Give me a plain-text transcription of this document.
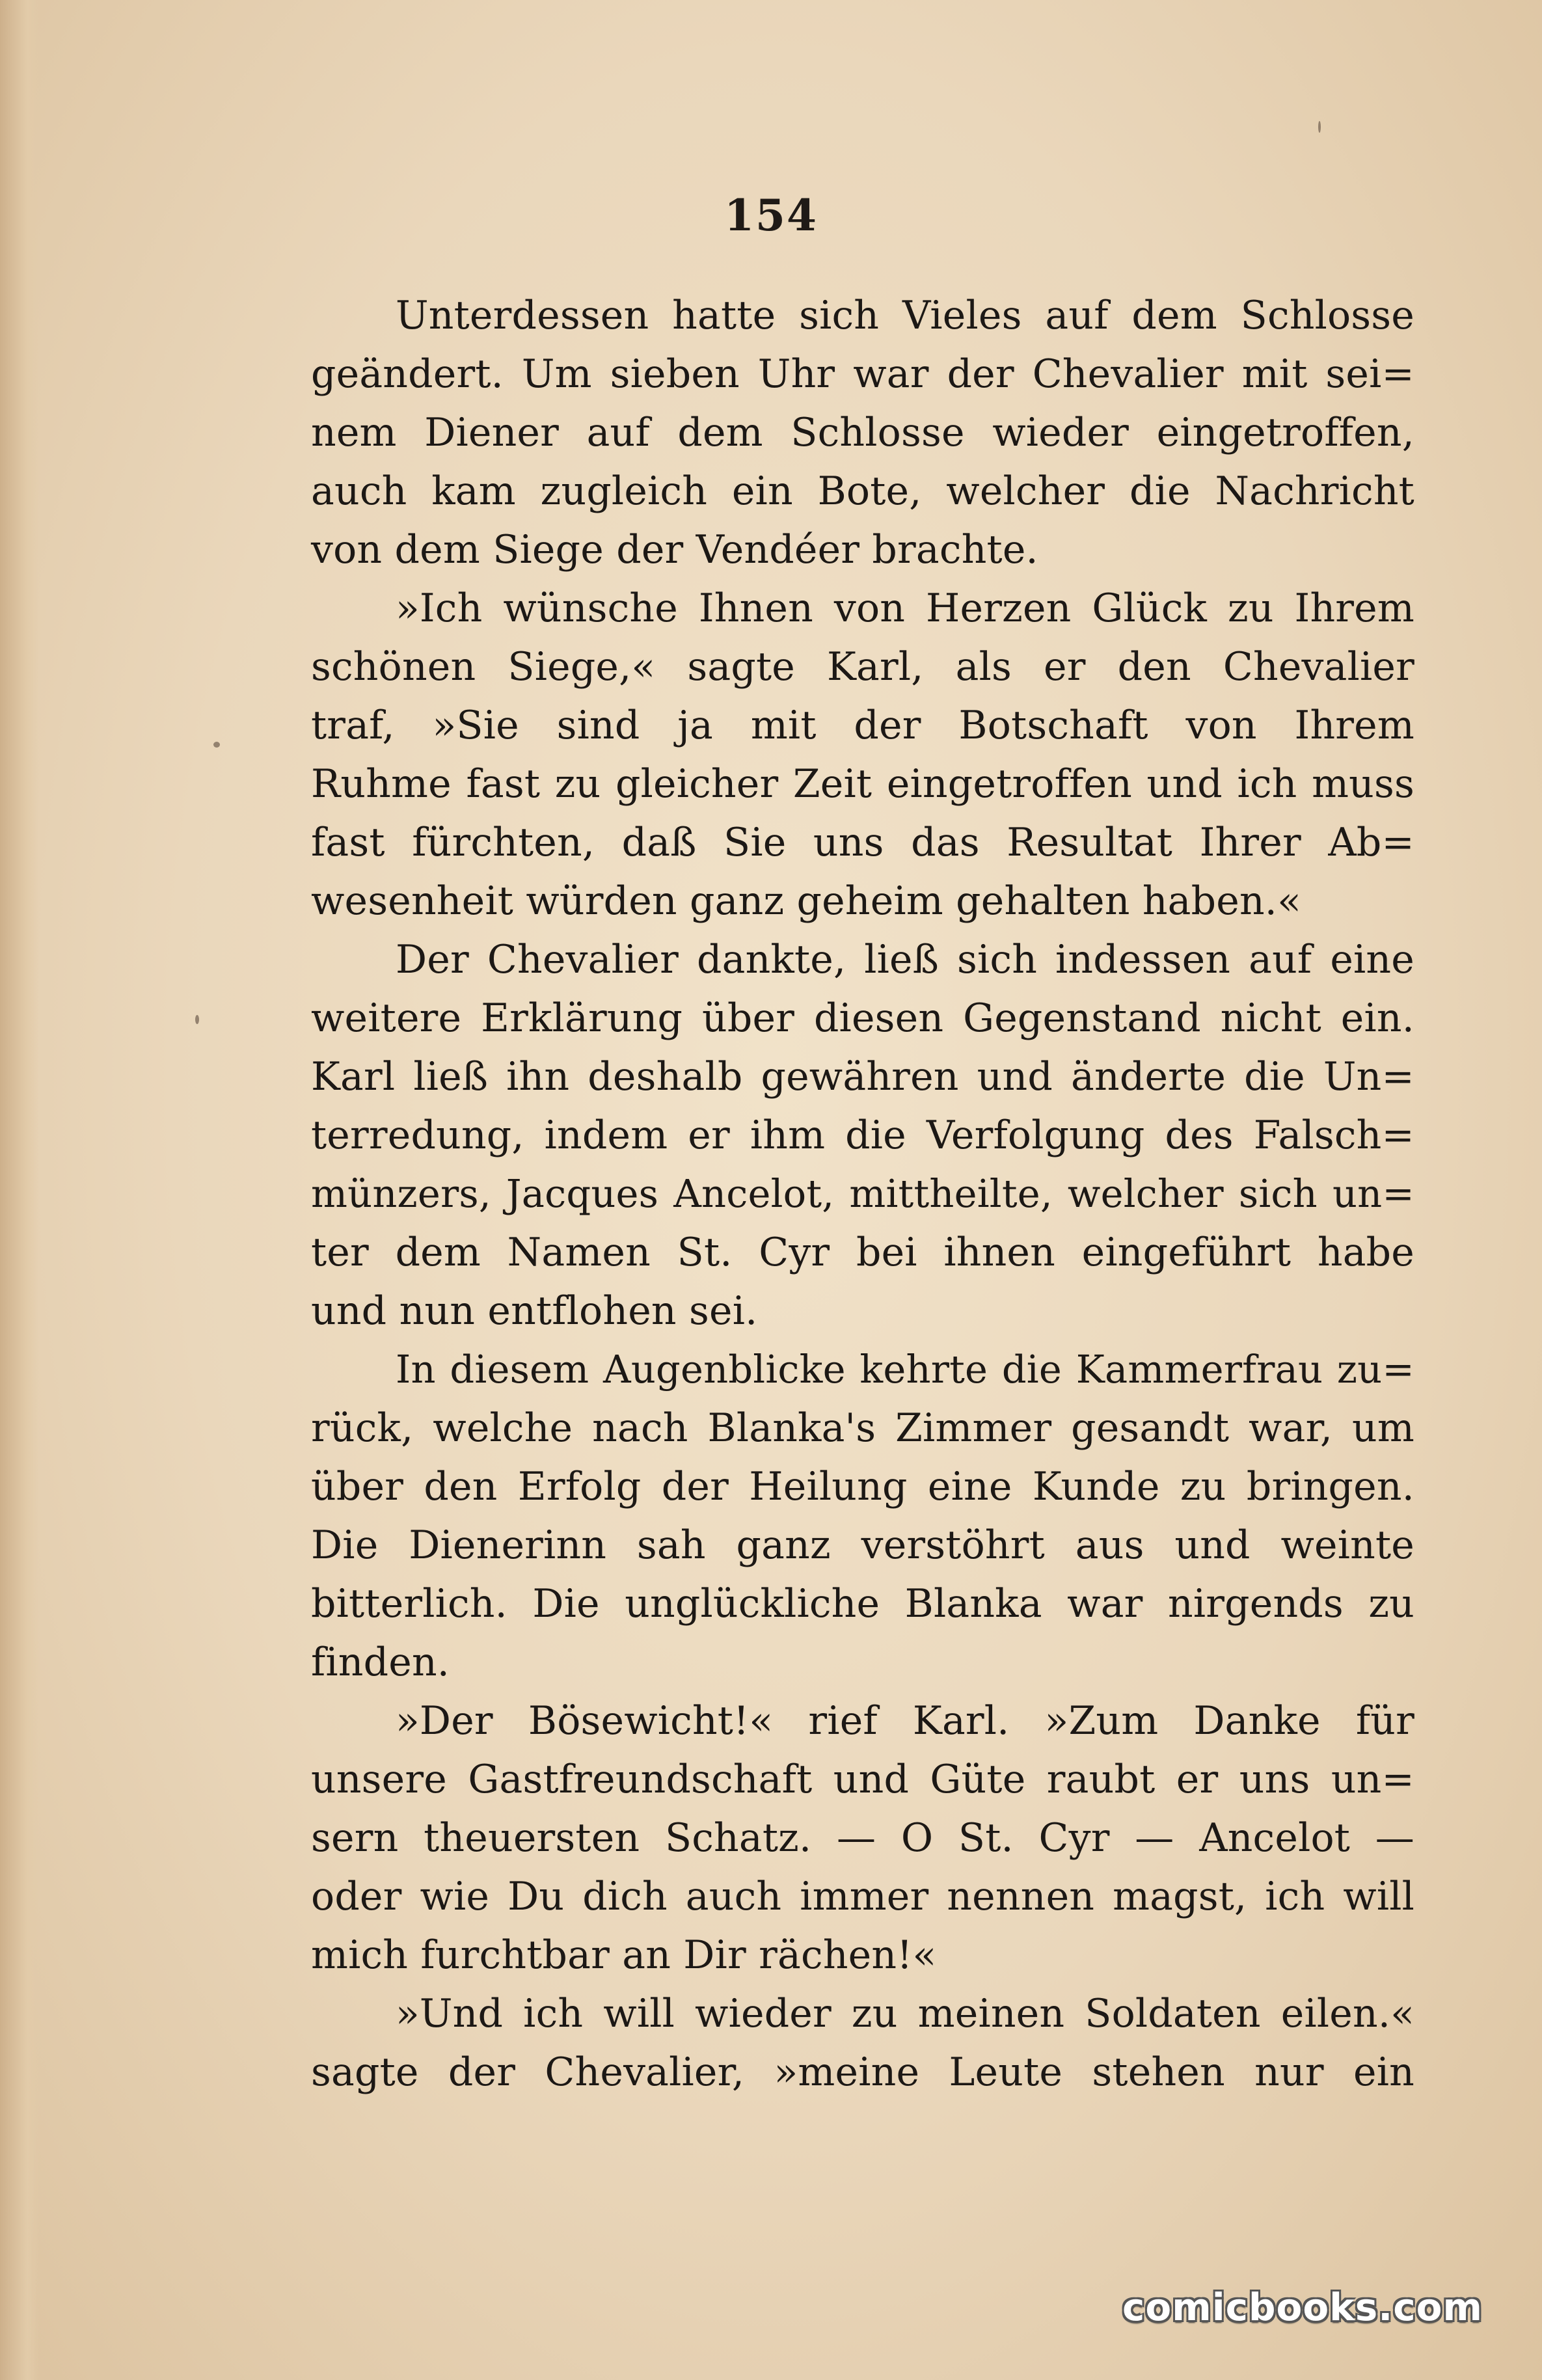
154
Unterdessen hatte sich Vieles auf dem Schlosse
geändert. Um sieben Uhr war der Chevalier mit sei=
nem Diener auf dem Schlosse wieder eingetroffen,
auch kam zugleich ein Bote, welcher die Nachricht
von dem Siege der Vendéer brachte.
»Ich wünsche Ihnen von Herzen Glück zu Ihrem
schönen Siege,« sagte Karl, als er den Chevalier
traf, »Sie sind ja mit der Botschaft von Ihrem
Ruhme fast zu gleicher Zeit eingetroffen und ich muss
fast fürchten, daß Sie uns das Resultat Ihrer Ab=
wesenheit würden ganz geheim gehalten haben.«
Der Chevalier dankte, ließ sich indessen auf eine
weitere Erklärung über diesen Gegenstand nicht ein.
Karl ließ ihn deshalb gewähren und änderte die Un=
terredung, indem er ihm die Verfolgung des Falsch=
münzers, Jacques Ancelot, mittheilte, welcher sich un=
ter dem Namen St. Cyr bei ihnen eingeführt habe
und nun entflohen sei.
In diesem Augenblicke kehrte die Kammerfrau zu=
rück, welche nach Blanka's Zimmer gesandt war, um
über den Erfolg der Heilung eine Kunde zu bringen.
Die Dienerinn sah ganz verstöhrt aus und weinte
bitterlich. Die unglückliche Blanka war nirgends zu
finden.
»Der Bösewicht!« rief Karl. »Zum Danke für
unsere Gastfreundschaft und Güte raubt er uns un=
sern theuersten Schatz. — O St. Cyr — Ancelot —
oder wie Du dich auch immer nennen magst, ich will
mich furchtbar an Dir rächen!«
»Und ich will wieder zu meinen Soldaten eilen.«
sagte der Chevalier, »meine Leute stehen nur ein
comicbooks.com
